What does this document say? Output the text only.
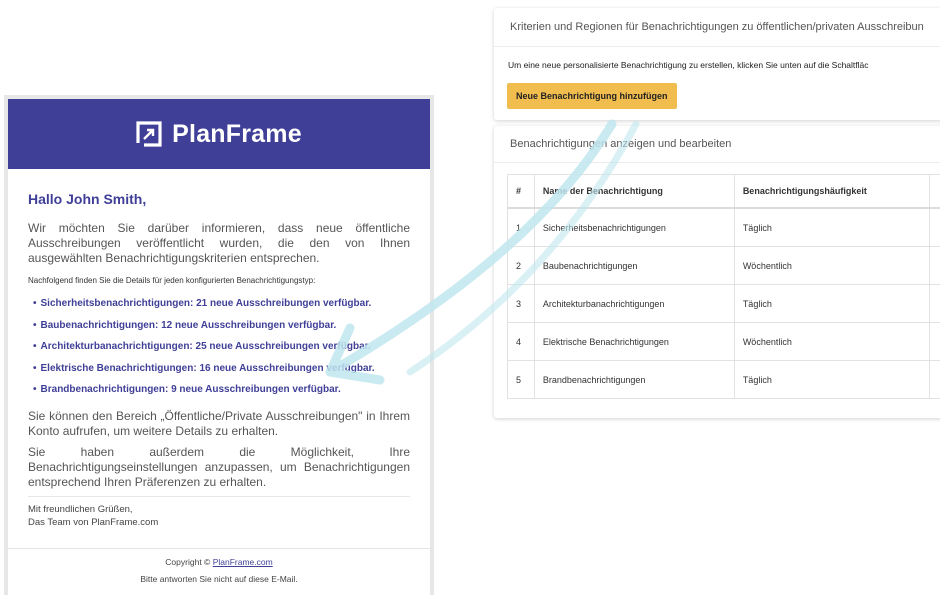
PlanFrame

Hallo John Smith,

Wir möchten Sie darüber informieren, dass neue öffentliche Ausschreibungen veröffentlicht wurden, die den von Ihnen ausgewählten Benachrichtigungskriterien entsprechen.

Nachfolgend finden Sie die Details für jeden konfigurierten Benachrichtigungstyp:

• Sicherheitsbenachrichtigungen: 21 neue Ausschreibungen verfügbar.
• Baubenachrichtigungen: 12 neue Ausschreibungen verfügbar.
• Architekturbanachrichtigungen: 25 neue Ausschreibungen verfügbar.
• Elektrische Benachrichtigungen: 16 neue Ausschreibungen verfügbar.
• Brandbenachrichtigungen: 9 neue Ausschreibungen verfügbar.

Sie können den Bereich „Öffentliche/Private Ausschreibungen" in Ihrem Konto aufrufen, um weitere Details zu erhalten.

Sie haben außerdem die Möglichkeit, Ihre Benachrichtigungseinstellungen anzupassen, um Benachrichtigungen entsprechend Ihren Präferenzen zu erhalten.

Mit freundlichen Grüßen,
Das Team von PlanFrame.com
Copyright © PlanFrame.com
Bitte antworten Sie nicht auf diese E-Mail.
Kriterien und Regionen für Benachrichtigungen zu öffentlichen/privaten Ausschreibun
Um eine neue personalisierte Benachrichtigung zu erstellen, klicken Sie unten auf die Schaltfläc
Neue Benachrichtigung hinzufügen
Benachrichtigungen anzeigen und bearbeiten
#	Name der Benachrichtigung	Benachrichtigungshäufigkeit	
1	Sicherheitsbenachrichtigungen	Täglich	
2	Baubenachrichtigungen	Wöchentlich	
3	Architekturbanachrichtigungen	Täglich	
4	Elektrische Benachrichtigungen	Wöchentlich	
5	Brandbenachrichtigungen	Täglich	
